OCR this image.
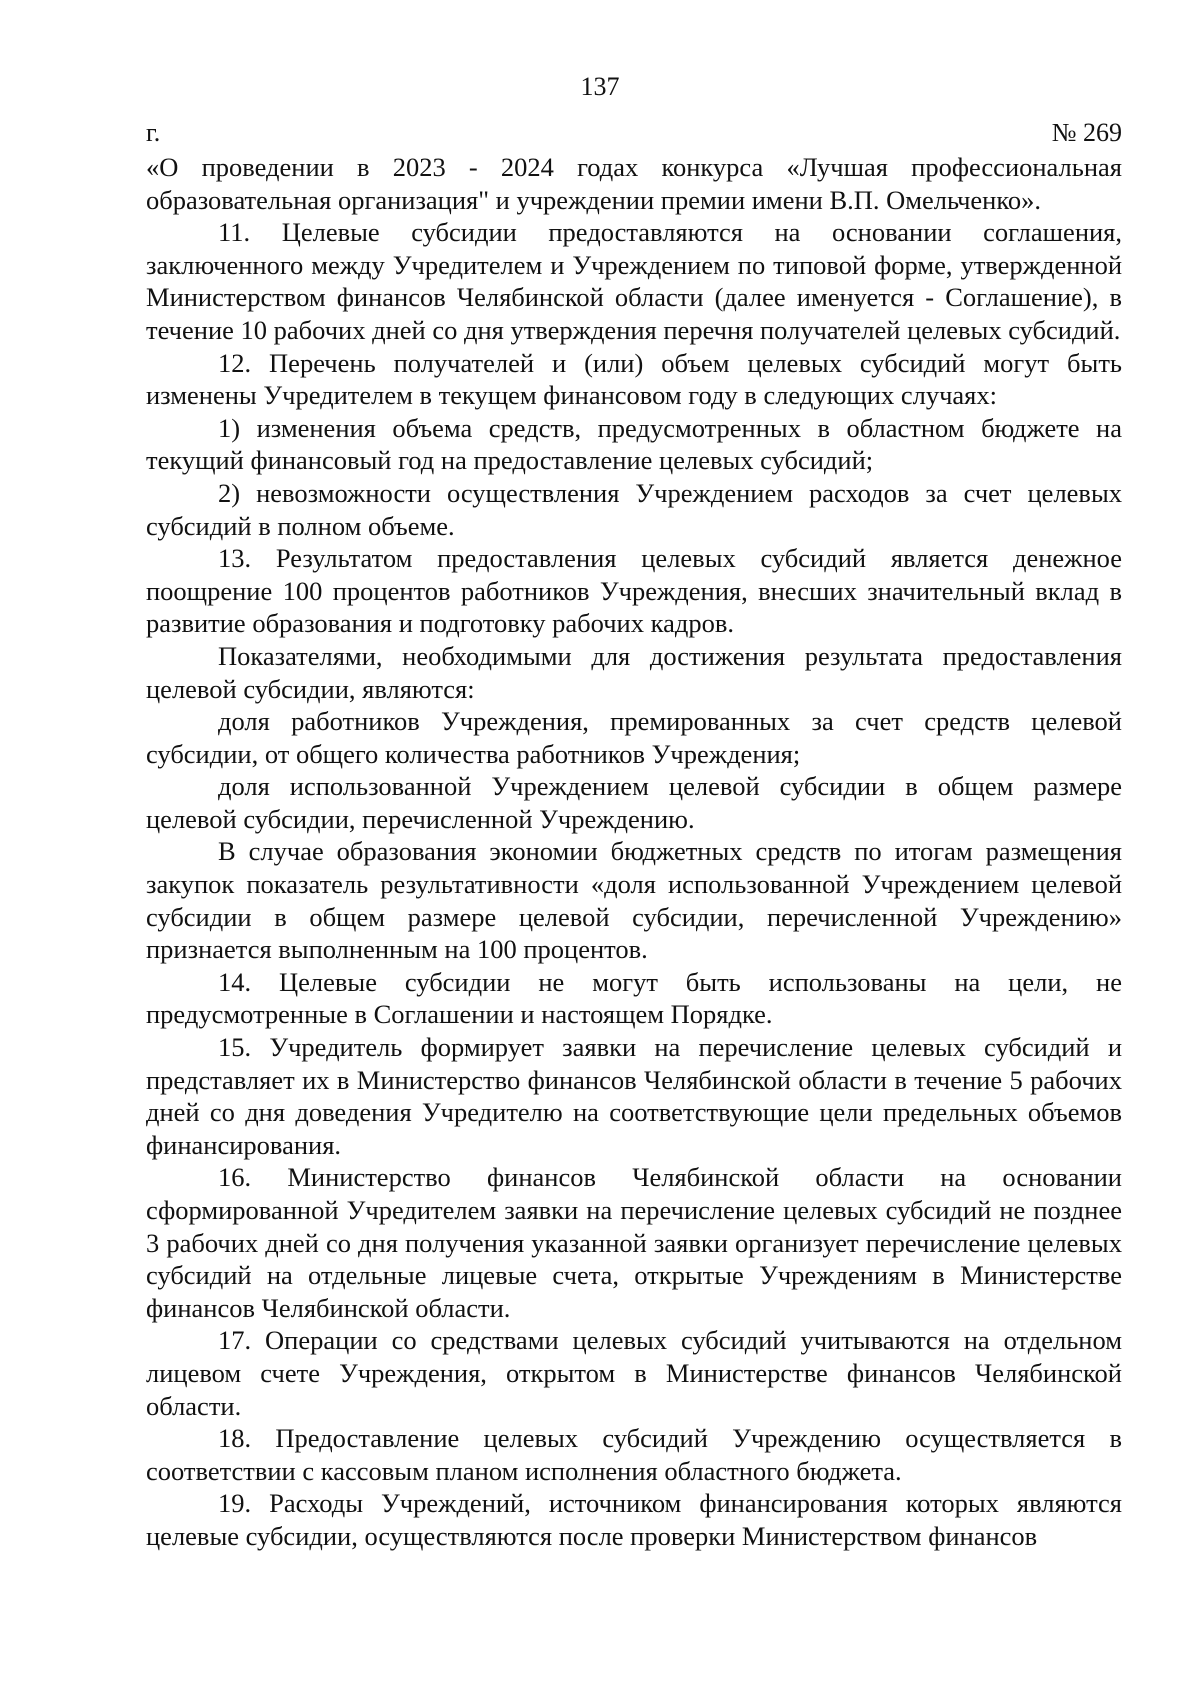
137
г.	№ 269

«О проведении в 2023 - 2024 годах конкурса «Лучшая профессиональная образовательная организация" и учреждении премии имени В.П. Омельченко».

11. Целевые субсидии предоставляются на основании соглашения, заключенного между Учредителем и Учреждением по типовой форме, утвержденной Министерством финансов Челябинской области (далее именуется - Соглашение), в течение 10 рабочих дней со дня утверждения перечня получателей целевых субсидий.

12. Перечень получателей и (или) объем целевых субсидий могут быть изменены Учредителем в текущем финансовом году в следующих случаях:

1) изменения объема средств, предусмотренных в областном бюджете на текущий финансовый год на предоставление целевых субсидий;

2) невозможности осуществления Учреждением расходов за счет целевых субсидий в полном объеме.

13. Результатом предоставления целевых субсидий является денежное поощрение 100 процентов работников Учреждения, внесших значительный вклад в развитие образования и подготовку рабочих кадров.

Показателями, необходимыми для достижения результата предоставления целевой субсидии, являются:

доля работников Учреждения, премированных за счет средств целевой субсидии, от общего количества работников Учреждения;

доля использованной Учреждением целевой субсидии в общем размере целевой субсидии, перечисленной Учреждению.

В случае образования экономии бюджетных средств по итогам размещения закупок показатель результативности «доля использованной Учреждением целевой субсидии в общем размере целевой субсидии, перечисленной Учреждению» признается выполненным на 100 процентов.

14. Целевые субсидии не могут быть использованы на цели, не предусмотренные в Соглашении и настоящем Порядке.

15. Учредитель формирует заявки на перечисление целевых субсидий и представляет их в Министерство финансов Челябинской области в течение 5 рабочих дней со дня доведения Учредителю на соответствующие цели предельных объемов финансирования.

16. Министерство финансов Челябинской области на основании сформированной Учредителем заявки на перечисление целевых субсидий не позднее 3 рабочих дней со дня получения указанной заявки организует перечисление целевых субсидий на отдельные лицевые счета, открытые Учреждениям в Министерстве финансов Челябинской области.

17. Операции со средствами целевых субсидий учитываются на отдельном лицевом счете Учреждения, открытом в Министерстве финансов Челябинской области.

18. Предоставление целевых субсидий Учреждению осуществляется в соответствии с кассовым планом исполнения областного бюджета.

19. Расходы Учреждений, источником финансирования которых являются целевые субсидии, осуществляются после проверки Министерством финансов
